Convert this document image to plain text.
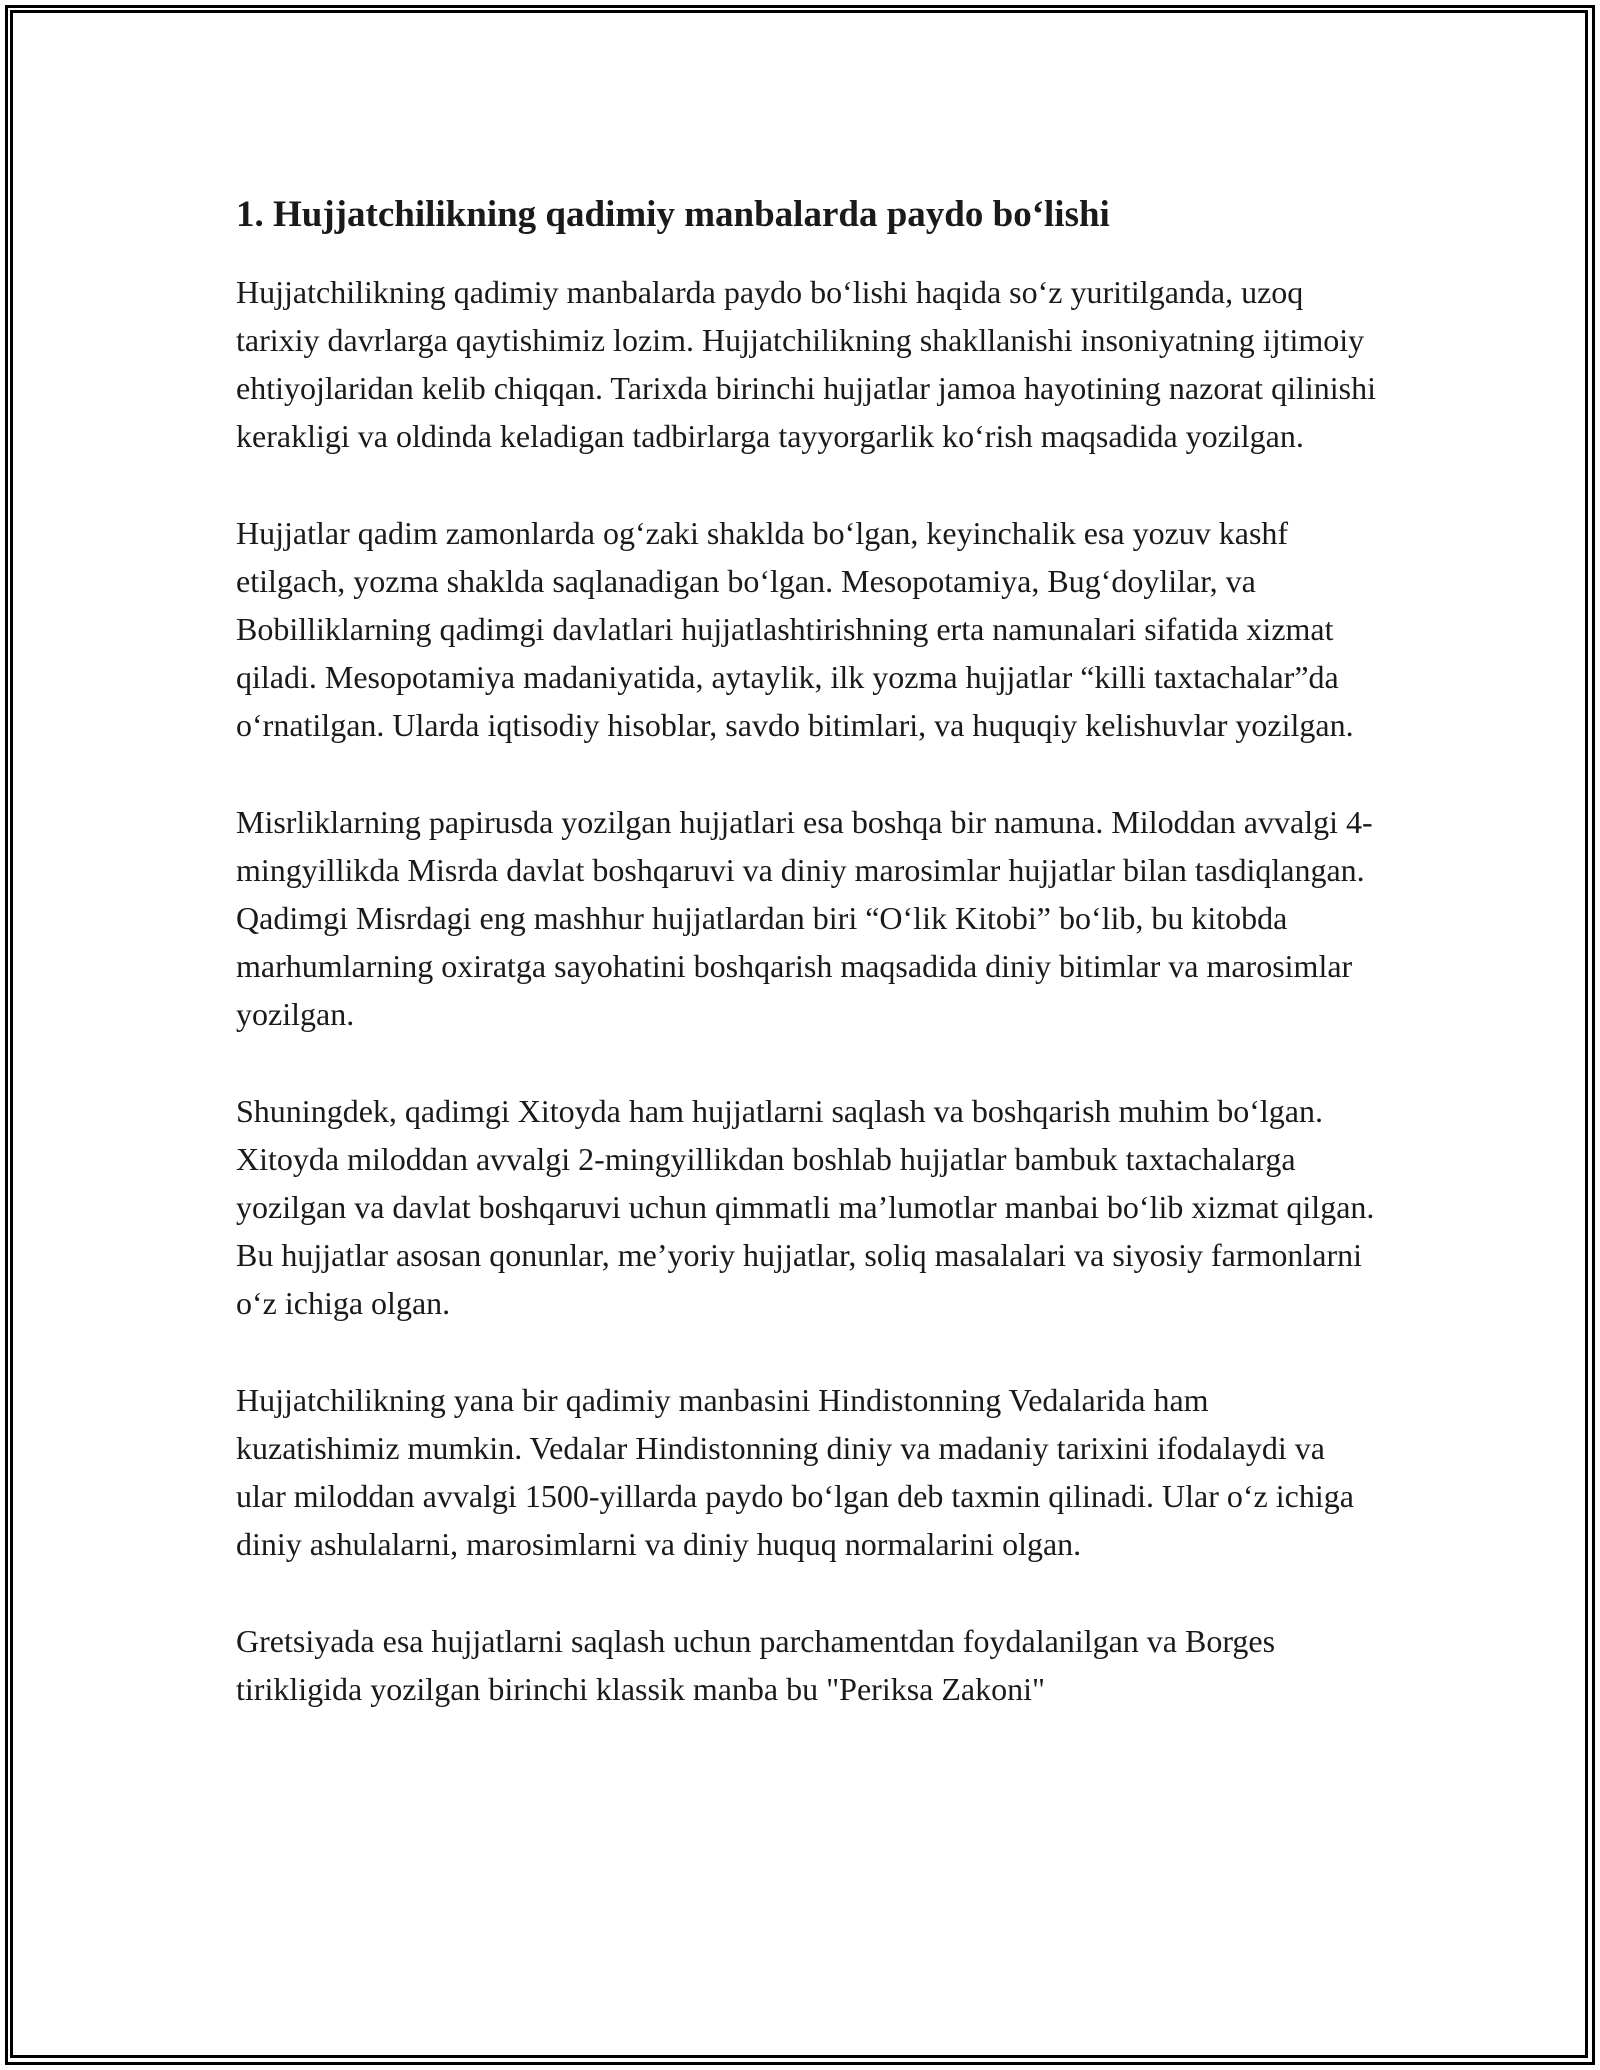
1. Hujjatchilikning qadimiy manbalarda paydo bo‘lishi

Hujjatchilikning qadimiy manbalarda paydo bo‘lishi haqida so‘z yuritilganda, uzoq tarixiy davrlarga qaytishimiz lozim. Hujjatchilikning shakllanishi insoniyatning ijtimoiy ehtiyojlaridan kelib chiqqan. Tarixda birinchi hujjatlar jamoa hayotining nazorat qilinishi kerakligi va oldinda keladigan tadbirlarga tayyorgarlik ko‘rish maqsadida yozilgan.

Hujjatlar qadim zamonlarda og‘zaki shaklda bo‘lgan, keyinchalik esa yozuv kashf etilgach, yozma shaklda saqlanadigan bo‘lgan. Mesopotamiya, Bug‘doylilar, va Bobilliklarning qadimgi davlatlari hujjatlashtirishning erta namunalari sifatida xizmat qiladi. Mesopotamiya madaniyatida, aytaylik, ilk yozma hujjatlar “killi taxtachalar”da o‘rnatilgan. Ularda iqtisodiy hisoblar, savdo bitimlari, va huquqiy kelishuvlar yozilgan.

Misrliklarning papirusda yozilgan hujjatlari esa boshqa bir namuna. Miloddan avvalgi 4-mingyillikda Misrda davlat boshqaruvi va diniy marosimlar hujjatlar bilan tasdiqlangan. Qadimgi Misrdagi eng mashhur hujjatlardan biri “O‘lik Kitobi” bo‘lib, bu kitobda marhumlarning oxiratga sayohatini boshqarish maqsadida diniy bitimlar va marosimlar yozilgan.

Shuningdek, qadimgi Xitoyda ham hujjatlarni saqlash va boshqarish muhim bo‘lgan. Xitoyda miloddan avvalgi 2-mingyillikdan boshlab hujjatlar bambuk taxtachalarga yozilgan va davlat boshqaruvi uchun qimmatli ma’lumotlar manbai bo‘lib xizmat qilgan. Bu hujjatlar asosan qonunlar, me’yoriy hujjatlar, soliq masalalari va siyosiy farmonlarni o‘z ichiga olgan.

Hujjatchilikning yana bir qadimiy manbasini Hindistonning Vedalarida ham kuzatishimiz mumkin. Vedalar Hindistonning diniy va madaniy tarixini ifodalaydi va ular miloddan avvalgi 1500-yillarda paydo bo‘lgan deb taxmin qilinadi. Ular o‘z ichiga diniy ashulalarni, marosimlarni va diniy huquq normalarini olgan.

Gretsiyada esa hujjatlarni saqlash uchun parchamentdan foydalanilgan va Borges tirikligida yozilgan birinchi klassik manba bu "Periksa Zakoni"
